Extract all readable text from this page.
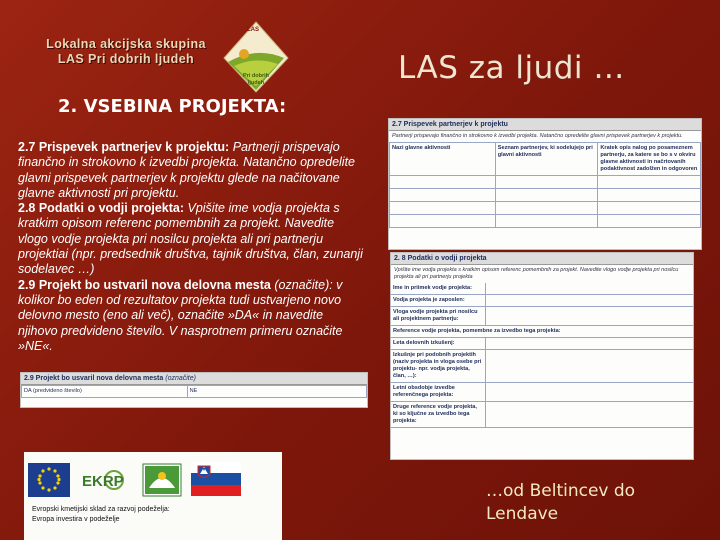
Lokalna akcijska skupina
LAS Pri dobrih ljudeh
LAS
Pri dobrih ljudeh	LAS za ljudi …
2. VSEBINA PROJEKTA:

2.7 Prispevek partnerjev k projektu: Partnerji prispevajo finančno in strokovno k izvedbi projekta. Natančno opredelite glavni prispevek partnerjev k projektu glede na načitovane glavne aktivnosti pri projektu.

2.8 Podatki o vodji projekta: Vpišite ime vodja projekta s kratkim opisom referenc pomembnih za projekt. Navedite vlogo vodje projekta pri nosilcu projekta ali pri partnerju projektiai (npr. predsednik društva, tajnik društva, član, zunanji sodelavec …)

2.9 Projekt bo ustvaril nova delovna mesta (označite): v kolikor bo eden od rezultatov projekta tudi ustvarjeno novo delovno mesto (eno ali več), označite »DA« in navedite njihovo predvideno število. V nasprotnem primeru označite »NE«.

2.7 Prispevek partnerjev k projektu
Partnerji prispevajo finančno in strokovno k izvedbi projekta. Natančno opredelite glavni prispevek partnerjev k projektu.
Nazi glavne aktivnosti	Seznam partnerjev, ki sodelujejo pri glavni aktivnosti	Kratek opis nalog po posameznem partnerju, za katere se bo s v okviru glavne aktivnosti in načrtovanih podaktivnost zadolžen in odgovoren

2. 8 Podatki o vodji projekta
Vpišite ime vodja projekta s kratkim opisom referenc pomembnih za projekt. Navedite vlogo vodje projekta pri nosilcu projekta ali pri partnerju projekta
Ime in priimek vodje projekta:
Vodja projekta je zaposlen:
Vloga vodje projekta pri nosilcu ali projektnem partnerju:
Reference vodje projekta, pomembne za izvedbo tega projekta:
Leta delovnih izkušenj:
Izkušnje pri podobnih projektih (naziv projekta in vloga osebe pri projektu- npr. vodja projekta, član, …):
Letni obsdobje izvedbe referenčnega projekta:
Druge reference vodje projekta, ki so ključne za izvedbo tega projekta:
2.9 Projekt bo usvaril nova delovna mesta (označite)
DA (predvideno število)	NE
EKRP
Evropski kmetijski sklad za razvoj podeželja:
Evropa investira v podeželje
…od Beltincev do
Lendave
